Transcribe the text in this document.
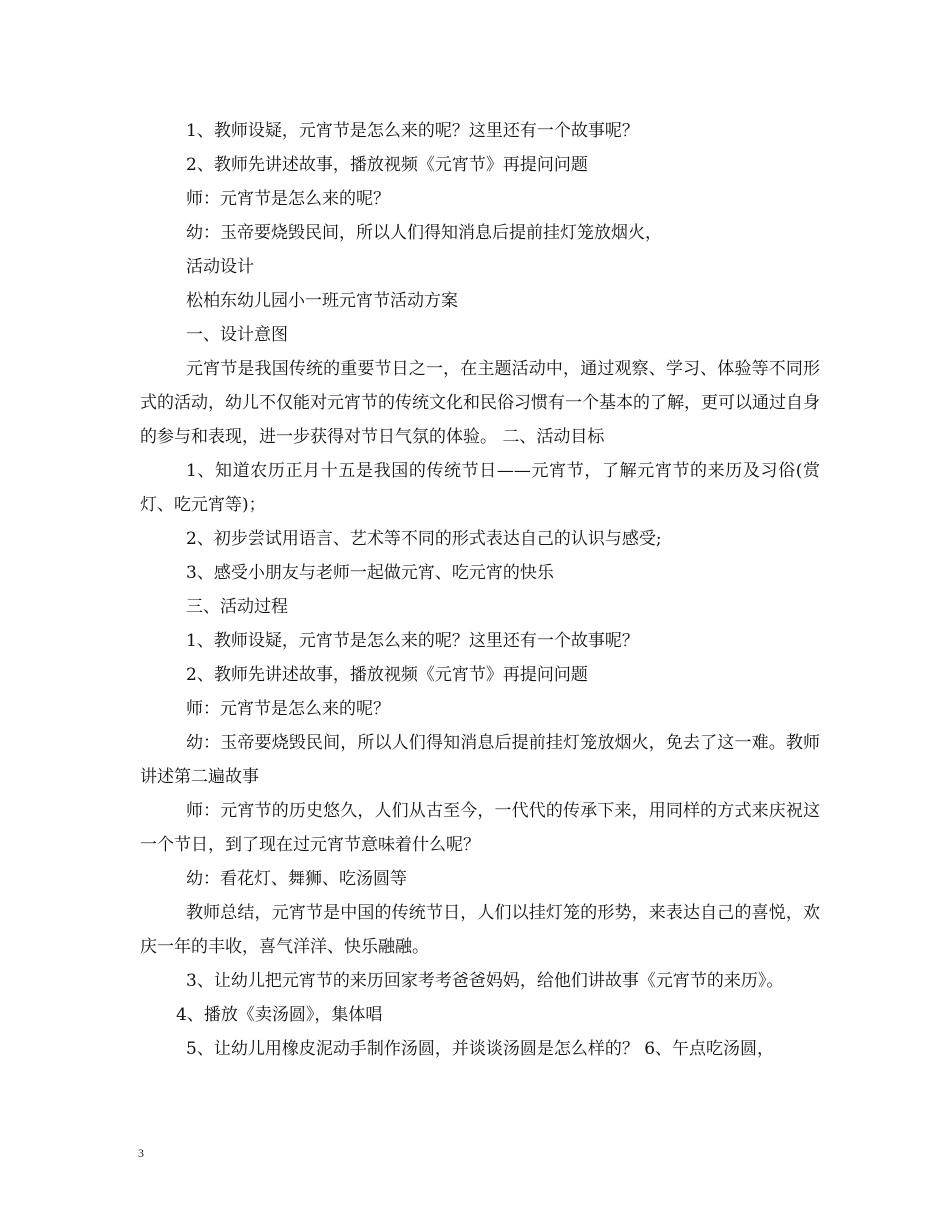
1、教师设疑，元宵节是怎么来的呢？这里还有一个故事呢？

2、教师先讲述故事，播放视频《元宵节》再提问问题

师：元宵节是怎么来的呢？

幼：玉帝要烧毁民间，所以人们得知消息后提前挂灯笼放烟火，

活动设计

松柏东幼儿园小一班元宵节活动方案

一、设计意图

元宵节是我国传统的重要节日之一，在主题活动中，通过观察、学习、体验等不同形式的活动，幼儿不仅能对元宵节的传统文化和民俗习惯有一个基本的了解，更可以通过自身的参与和表现，进一步获得对节日气氛的体验。 二、活动目标

1、知道农历正月十五是我国的传统节日——元宵节，了解元宵节的来历及习俗(赏灯、吃元宵等)；

2、初步尝试用语言、艺术等不同的形式表达自己的认识与感受;

3、感受小朋友与老师一起做元宵、吃元宵的快乐

三、活动过程

1、教师设疑，元宵节是怎么来的呢？这里还有一个故事呢？

2、教师先讲述故事，播放视频《元宵节》再提问问题

师：元宵节是怎么来的呢？

幼：玉帝要烧毁民间，所以人们得知消息后提前挂灯笼放烟火，免去了这一难。教师讲述第二遍故事

师：元宵节的历史悠久，人们从古至今，一代代的传承下来，用同样的方式来庆祝这一个节日，到了现在过元宵节意味着什么呢？

幼：看花灯、舞狮、吃汤圆等

教师总结，元宵节是中国的传统节日，人们以挂灯笼的形势，来表达自己的喜悦，欢庆一年的丰收，喜气洋洋、快乐融融。

3、让幼儿把元宵节的来历回家考考爸爸妈妈，给他们讲故事《元宵节的来历》。

4、播放《卖汤圆》，集体唱

5、让幼儿用橡皮泥动手制作汤圆，并谈谈汤圆是怎么样的？ 6、午点吃汤圆，

3
